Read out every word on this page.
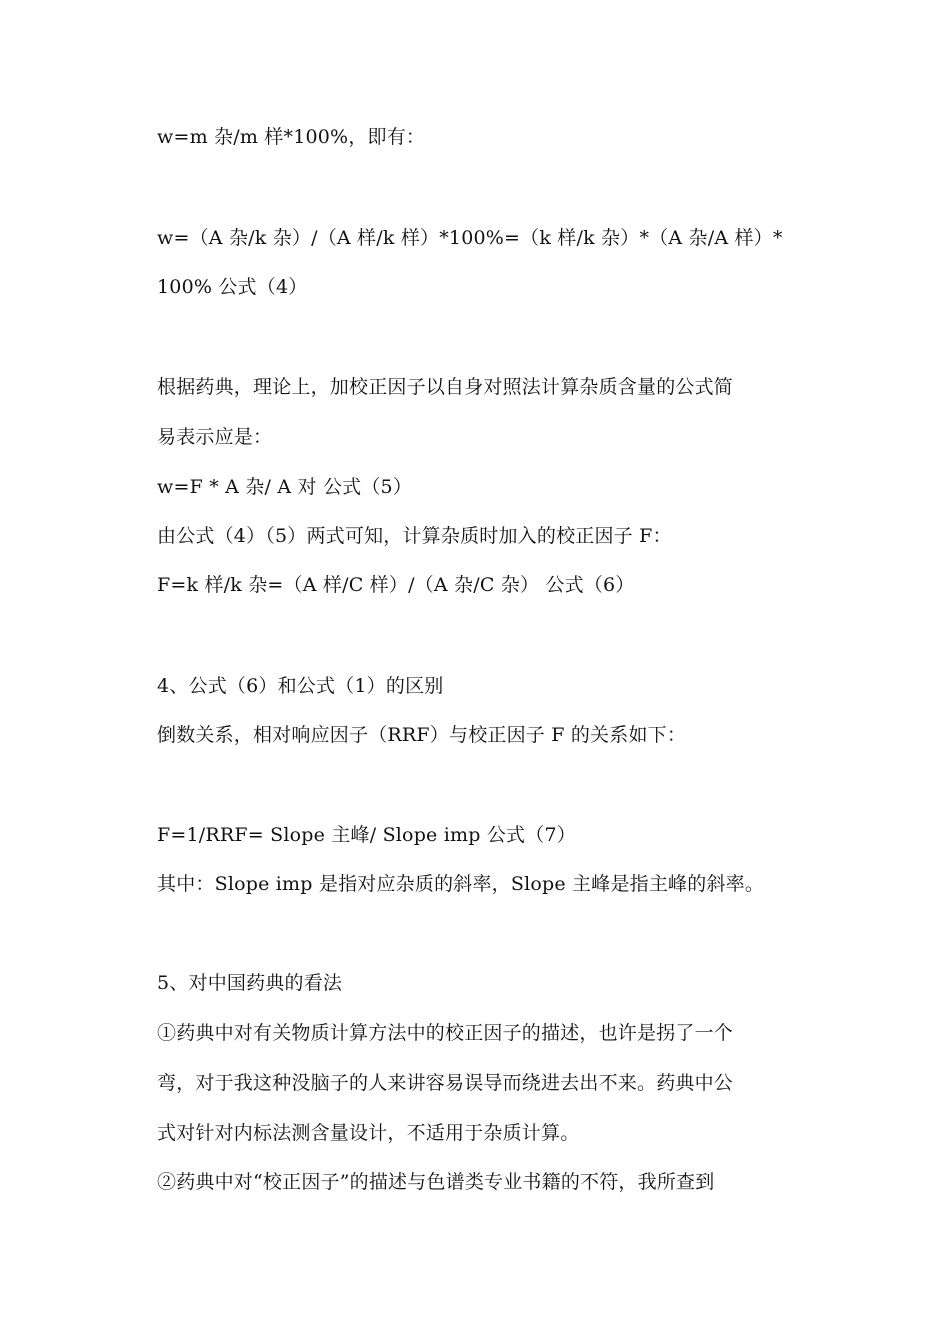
w=m 杂/m 样*100%，即有：

w=（A 杂/k 杂）/（A 样/k 样）*100%=（k 样/k 杂）*（A 杂/A 样）*

100% 公式（4）

根据药典，理论上，加校正因子以自身对照法计算杂质含量的公式简

易表示应是：

w=F * A 杂/ A 对 公式（5）

由公式（4）（5）两式可知，计算杂质时加入的校正因子 F：

F=k 样/k 杂=（A 样/C 样）/（A 杂/C 杂） 公式（6）

4、公式（6）和公式（1）的区别

倒数关系，相对响应因子（RRF）与校正因子 F 的关系如下：

F=1/RRF= Slope 主峰/ Slope imp 公式（7）

其中：Slope imp 是指对应杂质的斜率，Slope 主峰是指主峰的斜率。

5、对中国药典的看法

①药典中对有关物质计算方法中的校正因子的描述，也许是拐了一个

弯，对于我这种没脑子的人来讲容易误导而绕进去出不来。药典中公

式对针对内标法测含量设计，不适用于杂质计算。

②药典中对“校正因子”的描述与色谱类专业书籍的不符，我所查到
